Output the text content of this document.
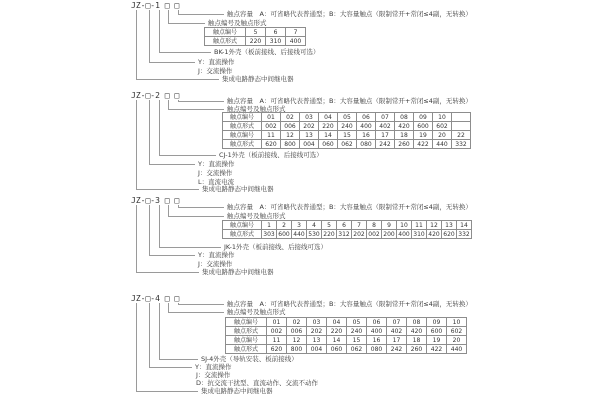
JZ-□-1 □ □
触点容量　A：可省略代表普通型；B：大容量触点（限制常开+常闭≤4副，无转换）
触点编号及触点形式
触点编号	5	6	7
触点形式	220	310	400
BK-1外壳（板前接线、后接线可选）
Y：直流操作
J：交流操作
集成电路静态中间继电器
JZ-□-2 □ □
触点容量　A：可省略代表普通型；B：大容量触点（限制常开+常闭≤4副，无转换）
触点编号及触点形式
触点编号	01	02	03	04	05	06	07	08	09	10	
触点形式	002	006	202	220	240	400	402	420	600	602	
触点编号	11	12	13	14	15	16	17	18	19	20	22
触点形式	620	800	004	060	062	080	242	260	422	440	332
CJ-1外壳（板前接线、后接线可选）
Y：直流操作
J：交流操作
L：直流电流
集成电路静态中间继电器
JZ-□-3 □ □
触点容量　A：可省略代表普通型；B：大容量触点（限制常开+常闭≤4副，无转换）
触点编号及触点形式
触点编号	1	2	3	4	5	6	7	8	9	10	11	12	13	14
触点形式	303	600	440	530	220	312	202	002	200	400	310	420	620	332
JK-1外壳（板前接线、后接线可选）
Y：直流操作
J：交流操作
集成电路静态中间继电器
JZ-□-4 □ □
触点容量　A：可省略代表普通型；B：大容量触点（限制常开+常闭≤4副，无转换）
触点编号及触点形式
触点编号	01	02	03	04	05	06	07	08	09	10
触点形式	002	006	202	220	240	400	402	420	600	602
触点编号	11	12	13	14	15	16	17	18	19	20
触点形式	620	800	004	060	062	080	242	260	422	440
SJ-4外壳（导轨安装、板前接线）
Y：直流操作
J：交流操作
D：抗交流干扰型、直流动作、交流不动作
集成电路静态中间继电器
